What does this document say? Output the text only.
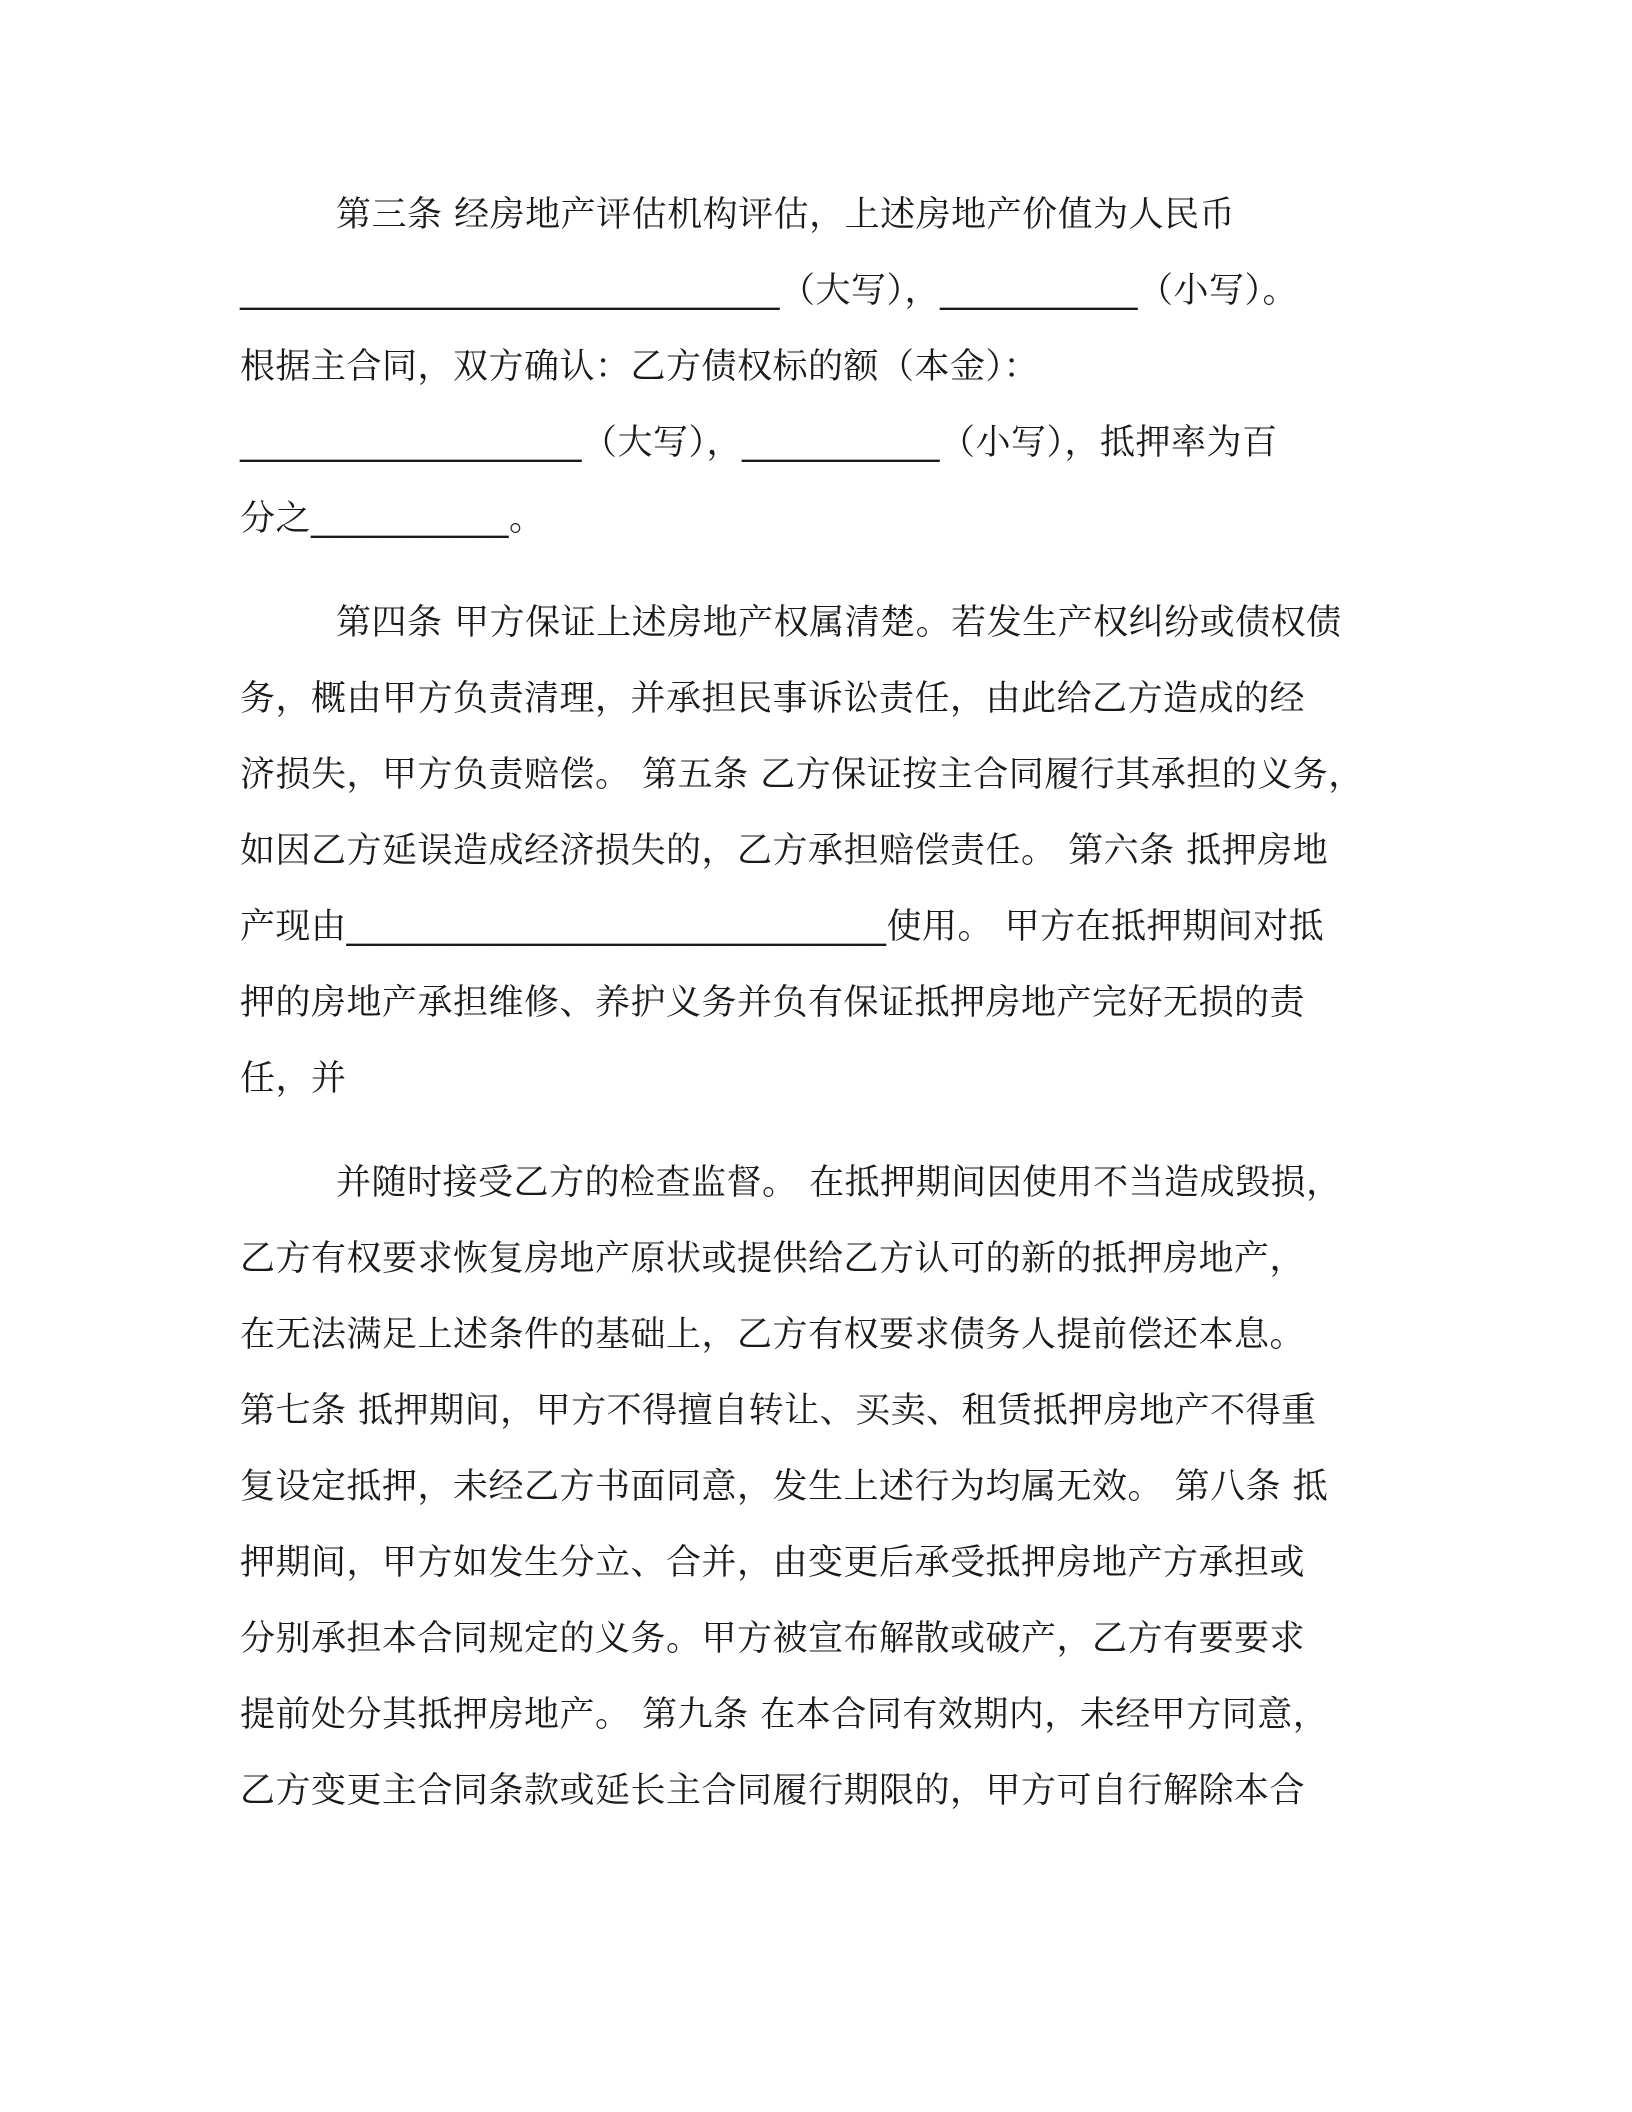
第三条 经房地产评估机构评估，上述房地产价值为人民币
______________________________（大写），___________（小写）。
根据主合同，双方确认：乙方债权标的额（本金）：
___________________（大写），___________（小写），抵押率为百
分之___________。
第四条 甲方保证上述房地产权属清楚。若发生产权纠纷或债权债
务，概由甲方负责清理，并承担民事诉讼责任，由此给乙方造成的经
济损失，甲方负责赔偿。 第五条 乙方保证按主合同履行其承担的义务，
如因乙方延误造成经济损失的，乙方承担赔偿责任。 第六条 抵押房地
产现由______________________________使用。 甲方在抵押期间对抵
押的房地产承担维修、养护义务并负有保证抵押房地产完好无损的责
任，并
并随时接受乙方的检查监督。 在抵押期间因使用不当造成毁损，
乙方有权要求恢复房地产原状或提供给乙方认可的新的抵押房地产，
在无法满足上述条件的基础上，乙方有权要求债务人提前偿还本息。
第七条 抵押期间，甲方不得擅自转让、买卖、租赁抵押房地产不得重
复设定抵押，未经乙方书面同意，发生上述行为均属无效。 第八条 抵
押期间，甲方如发生分立、合并，由变更后承受抵押房地产方承担或
分别承担本合同规定的义务。甲方被宣布解散或破产，乙方有要要求
提前处分其抵押房地产。 第九条 在本合同有效期内，未经甲方同意，
乙方变更主合同条款或延长主合同履行期限的，甲方可自行解除本合
